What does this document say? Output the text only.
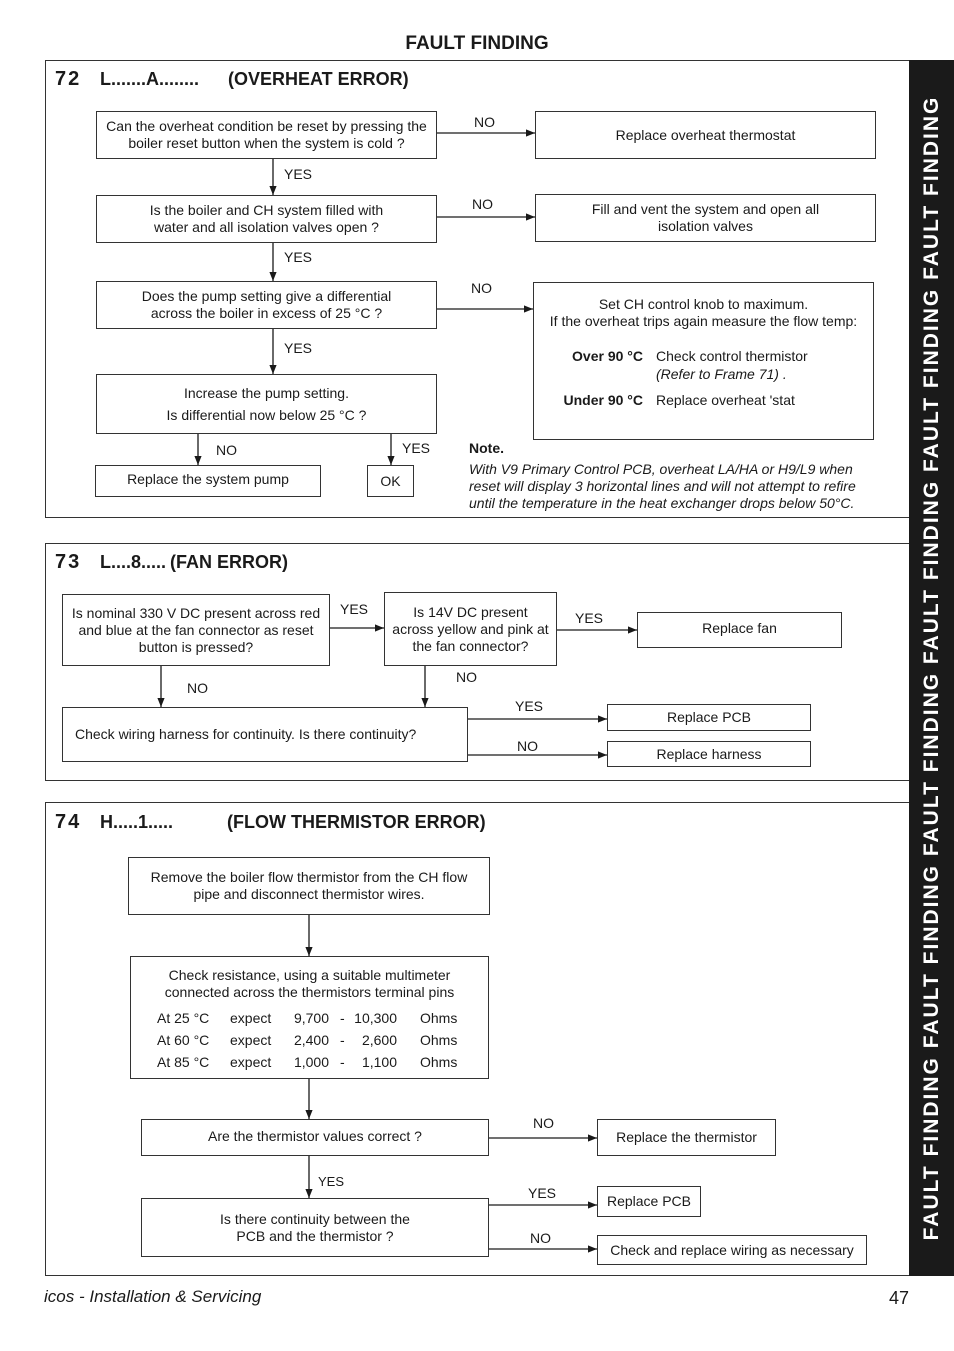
FAULT FINDING
FAULT FINDING FAULT FINDING FAULT FINDING FAULT FINDING FAULT FINDING FAULT FINDING
72 L.......A........ (OVERHEAT ERROR)
Can the overheat condition be reset by pressing the boiler reset button when the system is cold ?
NO
Replace overheat thermostat
YES
Is the boiler and CH system filled with water and all isolation valves open ?
NO	Fill and vent the system and open all isolation valves
YES
Does the pump setting give a differential
across the boiler in excess of 25 °C ?
NO
Set CH control knob to maximum.
If the overheat trips again measure the flow temp:
Over 90 °C Check control thermistor
(Refer to Frame 71) .
Under 90 °C Replace overheat 'stat
YES
Increase the pump setting.
Is differential now below 25 °C ?
NO	YES
Replace the system pump	OK
Note.
With V9 Primary Control PCB, overheat LA/HA or H9/L9 when reset will display 3 horizontal lines and will not attempt to refire until the temperature in the heat exchanger drops below 50°C.
73 L....8..... (FAN ERROR)
Is nominal 330 V DC present across red and blue at the fan connector as reset button is pressed?
YES	Is 14V DC present across yellow and pink at the fan connector?
YES
Replace fan
NO
NO
Check wiring harness for continuity. Is there continuity?
YES
Replace PCB
NO	Replace harness
74 H.....1.....	(FLOW THERMISTOR ERROR)
Remove the boiler flow thermistor from the CH flow pipe and disconnect thermistor wires.
Check resistance, using a suitable multimeter
connected across the thermistors terminal pins
At 25 °C expect 9,700 - 10,300 Ohms
At 60 °C expect 2,400 - 2,600 Ohms
At 85 °C expect 1,000 - 1,100 Ohms
Are the thermistor values correct ?
NO
Replace the thermistor
YES
Is there continuity between the PCB and the thermistor ?
YES	Replace PCB
NO
Check and replace wiring as necessary
icos - Installation & Servicing	47
